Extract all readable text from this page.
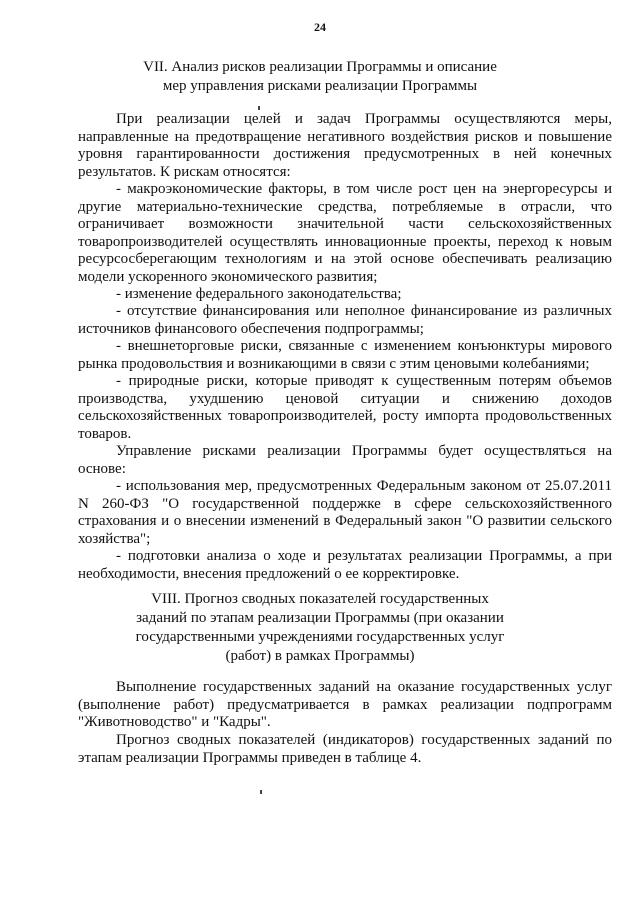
24
VII. Анализ рисков реализации Программы и описание
мер управления рисками реализации Программы

При реализации целей и задач Программы осуществляются меры, направленные на предотвращение негативного воздействия рисков и повышение уровня гарантированности достижения предусмотренных в ней конечных результатов. К рискам относятся:

- макроэкономические факторы, в том числе рост цен на энергоресурсы и другие материально-технические средства, потребляемые в отрасли, что ограничивает возможности значительной части сельскохозяйственных товаропроизводителей осуществлять инновационные проекты, переход к новым ресурсосберегающим технологиям и на этой основе обеспечивать реализацию модели ускоренного экономического развития;

- изменение федерального законодательства;

- отсутствие финансирования или неполное финансирование из различных источников финансового обеспечения подпрограммы;

- внешнеторговые риски, связанные с изменением конъюнктуры мирового рынка продовольствия и возникающими в связи с этим ценовыми колебаниями;

- природные риски, которые приводят к существенным потерям объемов производства, ухудшению ценовой ситуации и снижению доходов сельскохозяйственных товаропроизводителей, росту импорта продовольственных товаров.

Управление рисками реализации Программы будет осуществляться на основе:

- использования мер, предусмотренных Федеральным законом от 25.07.2011 N 260-ФЗ "О государственной поддержке в сфере сельскохозяйственного страхования и о внесении изменений в Федеральный закон "О развитии сельского хозяйства";

- подготовки анализа о ходе и результатах реализации Программы, а при необходимости, внесения предложений о ее корректировке.

VIII. Прогноз сводных показателей государственных
заданий по этапам реализации Программы (при оказании
государственными учреждениями государственных услуг
(работ) в рамках Программы)

Выполнение государственных заданий на оказание государственных услуг (выполнение работ) предусматривается в рамках реализации подпрограмм "Животноводство" и "Кадры".

Прогноз сводных показателей (индикаторов) государственных заданий по этапам реализации Программы приведен в таблице 4.
